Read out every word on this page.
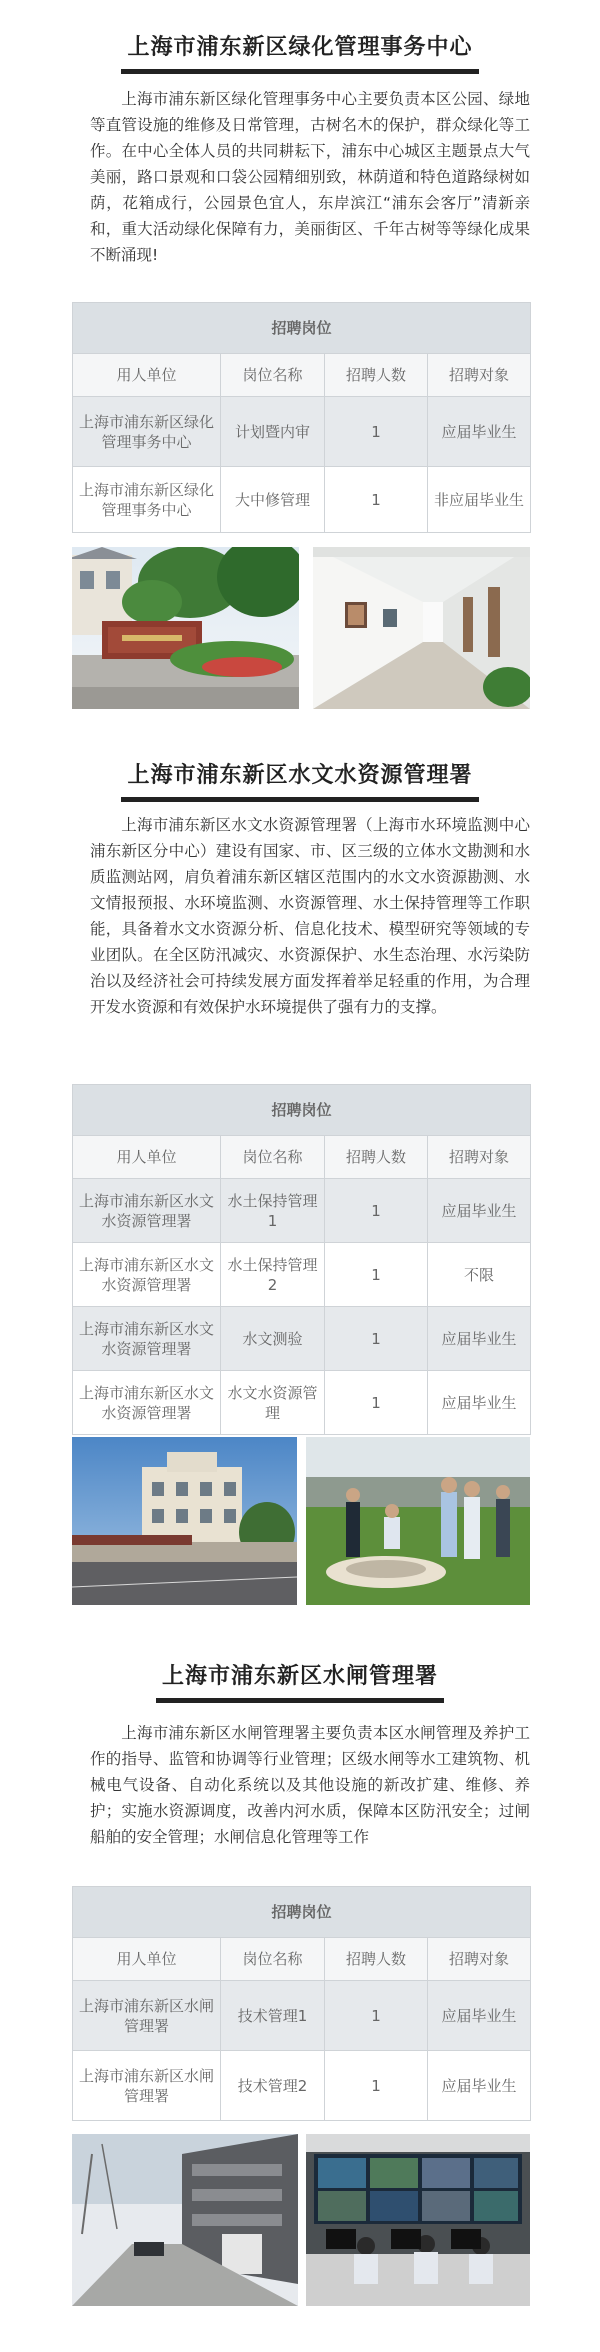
上海市浦东新区绿化管理事务中心

上海市浦东新区绿化管理事务中心主要负责本区公园、绿地等直管设施的维修及日常管理，古树名木的保护，群众绿化等工作。在中心全体人员的共同耕耘下，浦东中心城区主题景点大气美丽，路口景观和口袋公园精细别致，林荫道和特色道路绿树如荫，花箱成行，公园景色宜人，东岸滨江“浦东会客厅”清新亲和，重大活动绿化保障有力，美丽街区、千年古树等等绿化成果不断涌现!

招聘岗位			
用人单位	岗位名称	招聘人数	招聘对象
上海市浦东新区绿化管理事务中心	计划暨内审	1	应届毕业生
上海市浦东新区绿化管理事务中心	大中修管理	1	非应届毕业生
上海市浦东新区水文水资源管理署

上海市浦东新区水文水资源管理署（上海市水环境监测中心浦东新区分中心）建设有国家、市、区三级的立体水文勘测和水质监测站网，肩负着浦东新区辖区范围内的水文水资源勘测、水文情报预报、水环境监测、水资源管理、水土保持管理等工作职能，具备着水文水资源分析、信息化技术、模型研究等领域的专业团队。在全区防汛减灾、水资源保护、水生态治理、水污染防治以及经济社会可持续发展方面发挥着举足轻重的作用，为合理开发水资源和有效保护水环境提供了强有力的支撑。

招聘岗位			
用人单位	岗位名称	招聘人数	招聘对象
上海市浦东新区水文水资源管理署	水土保持管理1	1	应届毕业生
上海市浦东新区水文水资源管理署	水土保持管理2	1	不限
上海市浦东新区水文水资源管理署	水文测验	1	应届毕业生
上海市浦东新区水文水资源管理署	水文水资源管理	1	应届毕业生
上海市浦东新区水闸管理署

上海市浦东新区水闸管理署主要负责本区水闸管理及养护工作的指导、监管和协调等行业管理；区级水闸等水工建筑物、机械电气设备、自动化系统以及其他设施的新改扩建、维修、养护；实施水资源调度，改善内河水质，保障本区防汛安全；过闸船舶的安全管理；水闸信息化管理等工作

招聘岗位			
用人单位	岗位名称	招聘人数	招聘对象
上海市浦东新区水闸管理署	技术管理1	1	应届毕业生
上海市浦东新区水闸管理署	技术管理2	1	应届毕业生
